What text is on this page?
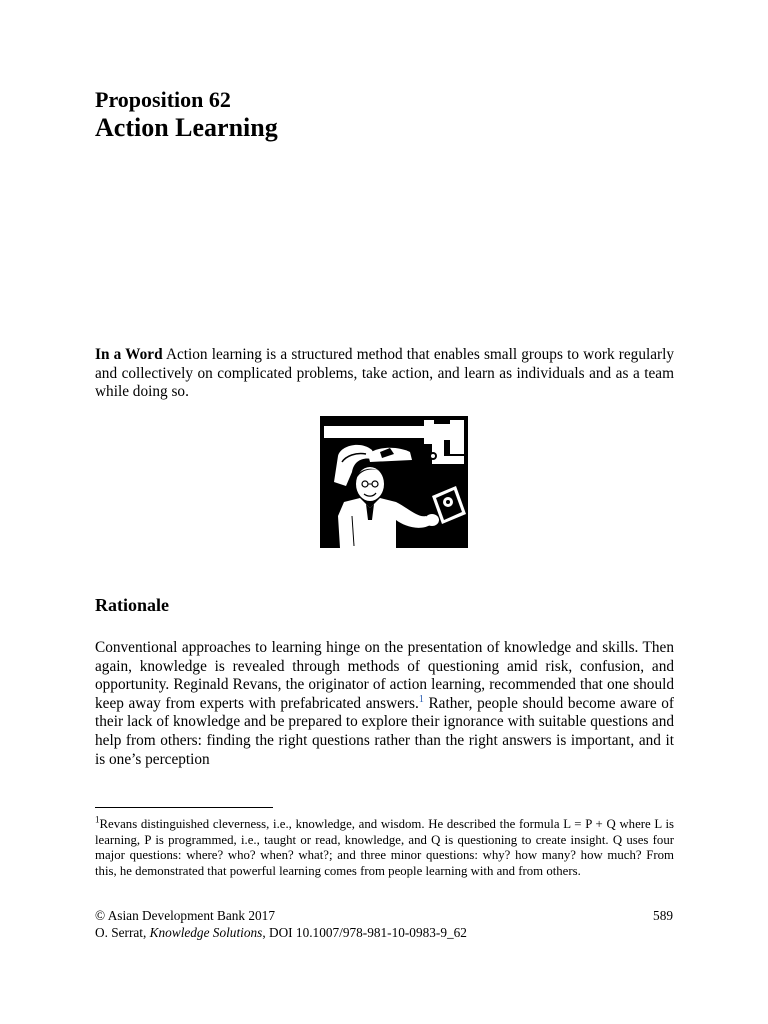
Proposition 62
Action Learning

In a Word Action learning is a structured method that enables small groups to work regularly and collectively on complicated problems, take action, and learn as individuals and as a team while doing so.

Rationale

Conventional approaches to learning hinge on the presentation of knowledge and skills. Then again, knowledge is revealed through methods of questioning amid risk, confusion, and opportunity. Reginald Revans, the originator of action learning, recommended that one should keep away from experts with prefabricated answers.$^1$ Rather, people should become aware of their lack of knowledge and be prepared to explore their ignorance with suitable questions and help from others: finding the right questions rather than the right answers is important, and it is one’s perception

$^1$Revans distinguished cleverness, i.e., knowledge, and wisdom. He described the formula L = P + Q where L is learning, P is programmed, i.e., taught or read, knowledge, and Q is questioning to create insight. Q uses four major questions: where? who? when? what?; and three minor questions: why? how many? how much? From this, he demonstrated that powerful learning comes from people learning with and from others.

© Asian Development Bank 2017	589

O. Serrat, Knowledge Solutions, DOI 10.1007/978-981-10-0983-9_62
